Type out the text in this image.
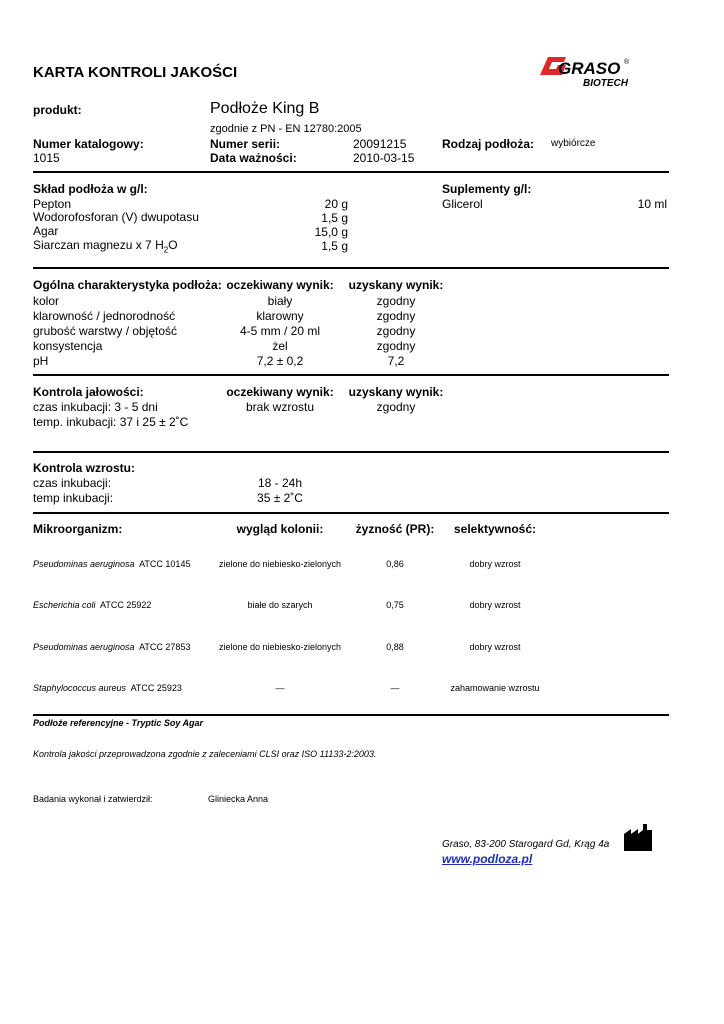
KARTA KONTROLI JAKOŚCI	GRASO
BIOTECH
®
produkt:	Podłoże King B
zgodnie z PN - EN 12780:2005
Numer katalogowy:
1015
Numer serii:	20091215
Data ważności:	2010-03-15
Rodzaj podłoża: wybiórcze
Skład podłoża w g/l:
Pepton	20 g
Wodorofosforan (V) dwupotasu	1,5 g
Agar	15,0 g
Siarczan magnezu x 7 $H_2O$	1,5 g
Suplementy g/l:
Glicerol	10 ml
Ogólna charakterystyka podłoża: oczekiwany wynik:	uzyskany wynik:
kolor	biały	zgodny
klarowność / jednorodność	klarowny	zgodny
grubość warstwy / objętość	4-5 mm / 20 ml	zgodny
konsystencja	żel	zgodny
pH	7,2 ± 0,2	7,2
Kontrola jałowości:	oczekiwany wynik:	uzyskany wynik:
czas inkubacji: 3 - 5 dni	brak wzrostu	zgodny
temp. inkubacji: 37 i 25 ± 2˚C
Kontrola wzrostu:
czas inkubacji:	18 - 24h
temp inkubacji:	35 ± 2˚C
Mikroorganizm:	wygląd kolonii:	żyzność (PR):	selektywność:
Pseudominas aeruginosa ATCC 10145	zielone do niebiesko-zielonych	0,86	dobry wzrost
Escherichia coli ATCC 25922	białe do szarych	0,75	dobry wzrost
Pseudominas aeruginosa ATCC 27853	zielone do niebiesko-zielonych	0,88	dobry wzrost
Staphylococcus aureus ATCC 25923	—	—	zahamowanie wzrostu
Podłoże referencyjne - Tryptic Soy Agar
Kontrola jakości przeprowadzona zgodnie z zaleceniami CLSI oraz ISO 11133-2:2003.
Badania wykonał i zatwierdził:	Gliniecka Anna
Graso, 83-200 Starogard Gd, Krąg 4a
www.podloza.pl
